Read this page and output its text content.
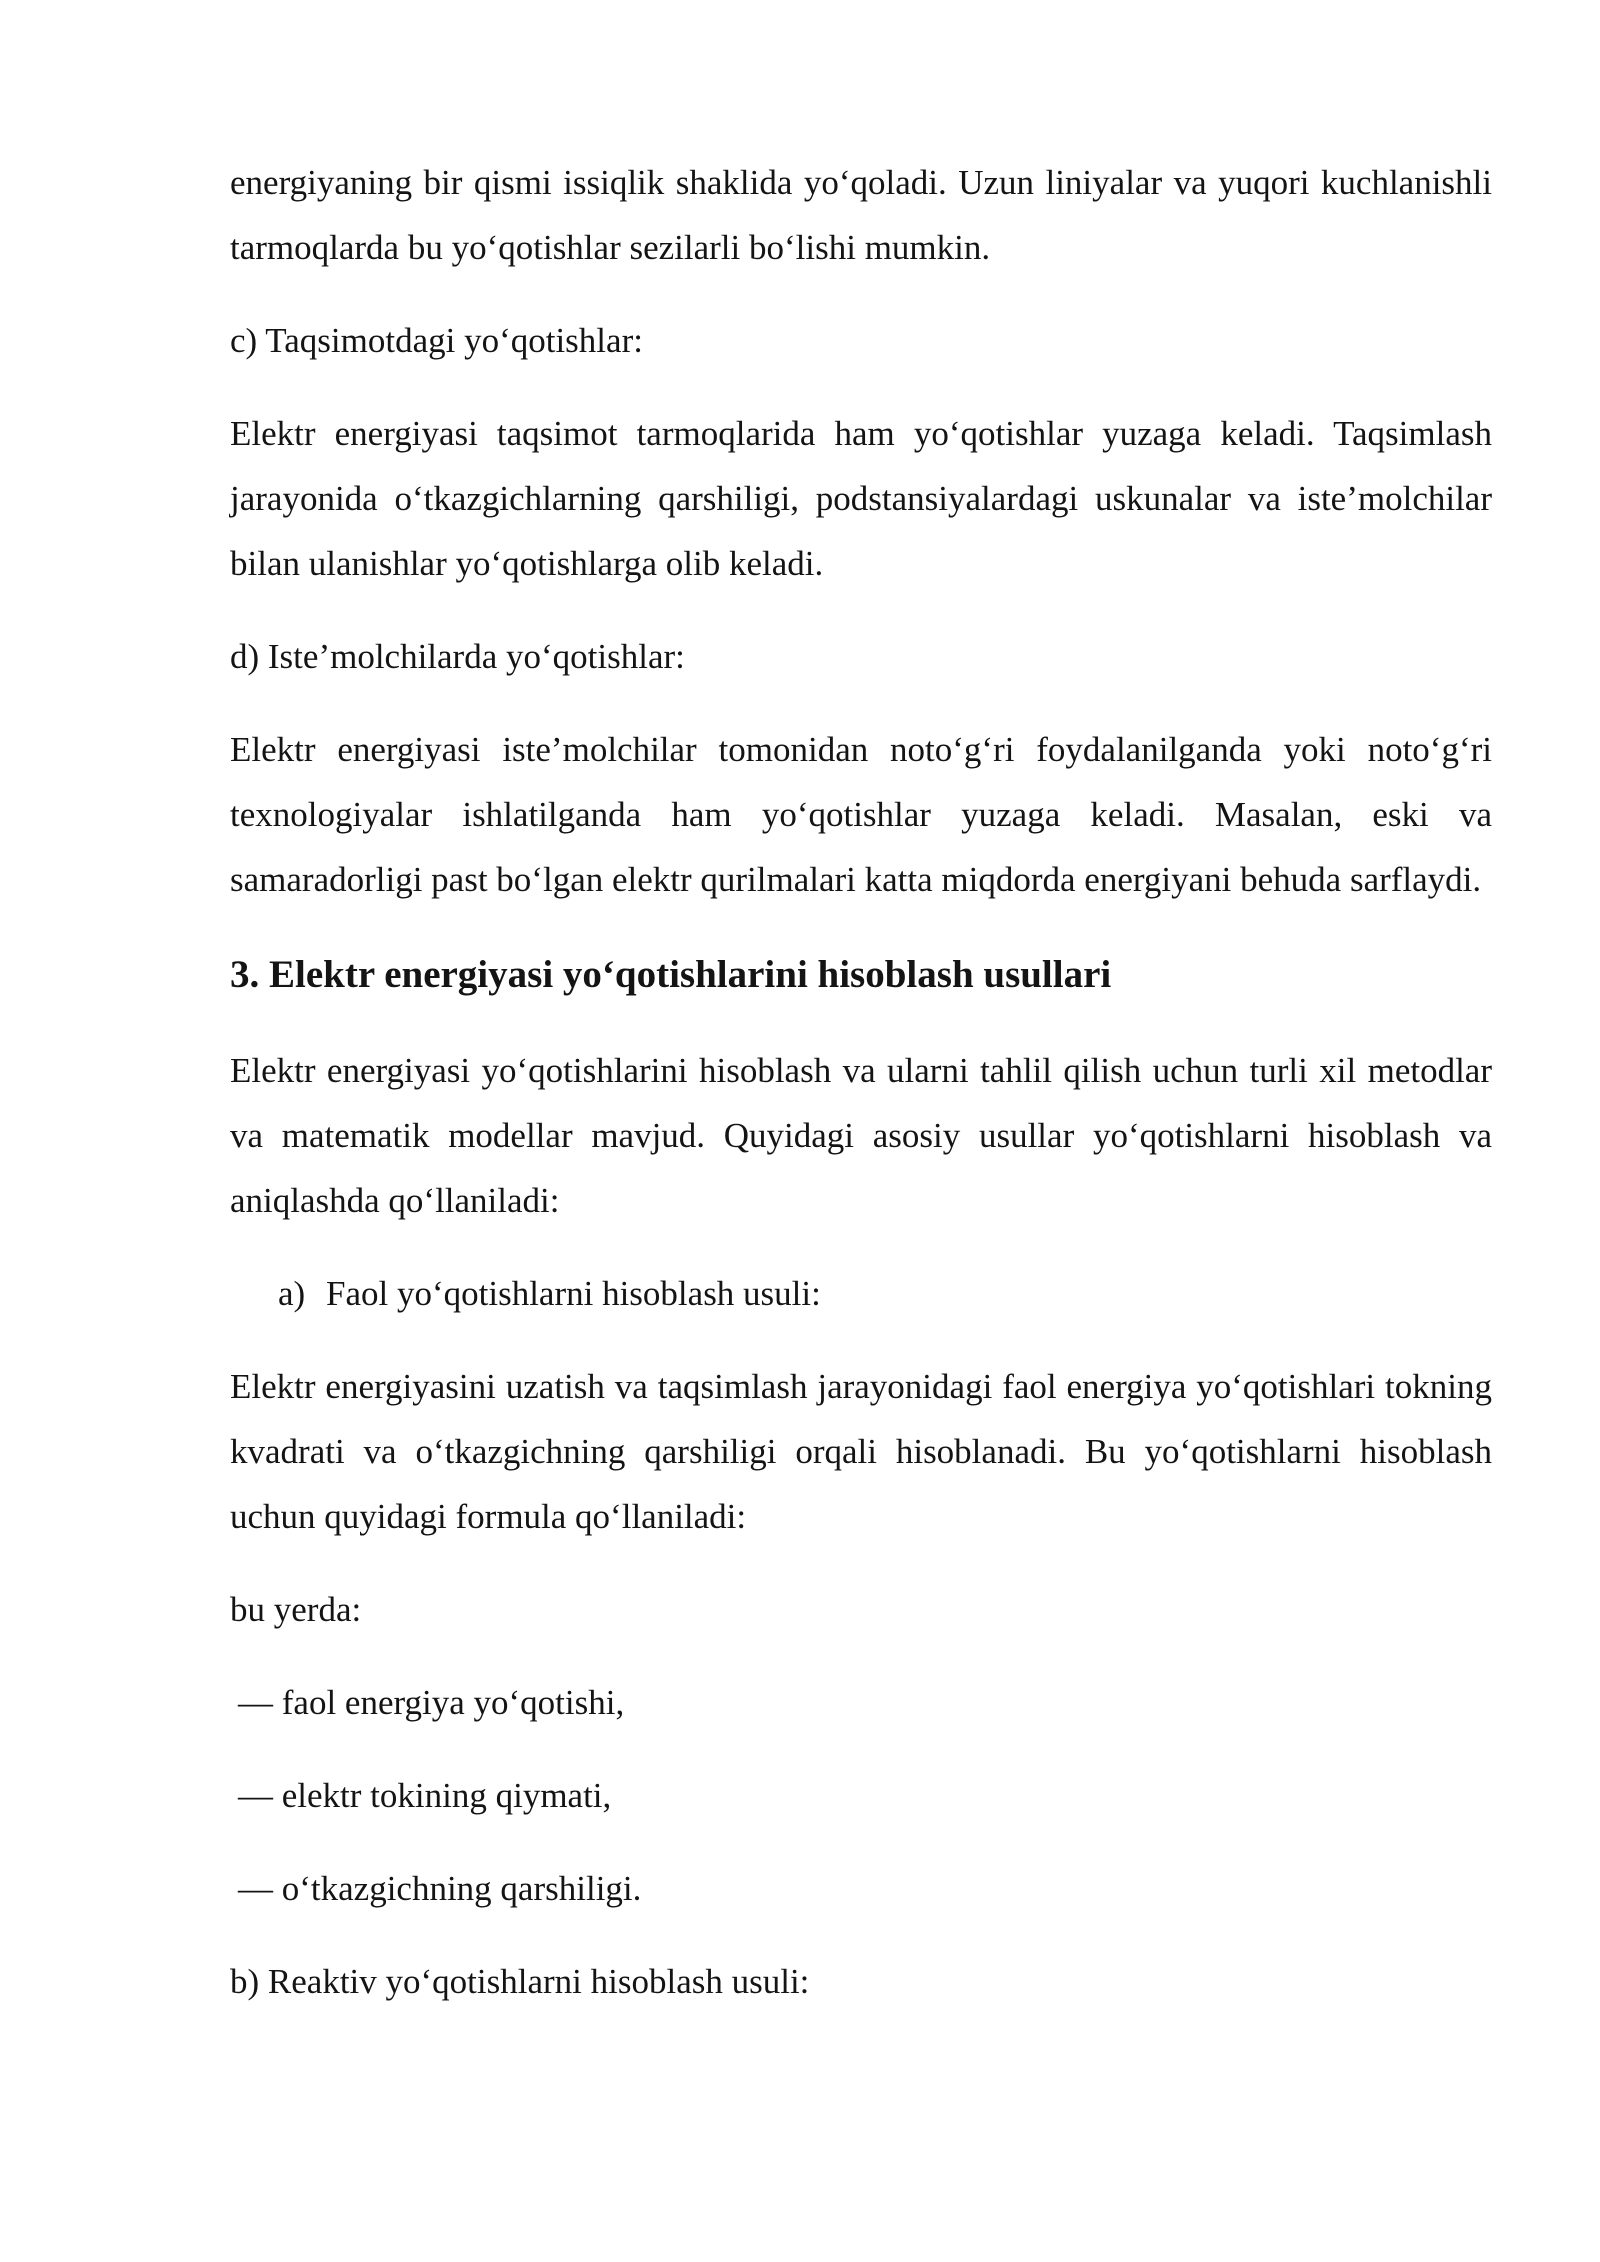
energiyaning bir qismi issiqlik shaklida yo‘qoladi. Uzun liniyalar va yuqori kuchlanishli tarmoqlarda bu yo‘qotishlar sezilarli bo‘lishi mumkin.

c) Taqsimotdagi yo‘qotishlar:

Elektr energiyasi taqsimot tarmoqlarida ham yo‘qotishlar yuzaga keladi. Taqsimlash jarayonida o‘tkazgichlarning qarshiligi, podstansiyalardagi uskunalar va iste’molchilar bilan ulanishlar yo‘qotishlarga olib keladi.

d) Iste’molchilarda yo‘qotishlar:

Elektr energiyasi iste’molchilar tomonidan noto‘g‘ri foydalanilganda yoki noto‘g‘ri texnologiyalar ishlatilganda ham yo‘qotishlar yuzaga keladi. Masalan, eski va samaradorligi past bo‘lgan elektr qurilmalari katta miqdorda energiyani behuda sarflaydi.

3. Elektr energiyasi yo‘qotishlarini hisoblash usullari

Elektr energiyasi yo‘qotishlarini hisoblash va ularni tahlil qilish uchun turli xil metodlar va matematik modellar mavjud. Quyidagi asosiy usullar yo‘qotishlarni hisoblash va aniqlashda qo‘llaniladi:

a) Faol yo‘qotishlarni hisoblash usuli:

Elektr energiyasini uzatish va taqsimlash jarayonidagi faol energiya yo‘qotishlari tokning kvadrati va o‘tkazgichning qarshiligi orqali hisoblanadi. Bu yo‘qotishlarni hisoblash uchun quyidagi formula qo‘llaniladi:

bu yerda:

— faol energiya yo‘qotishi,

— elektr tokining qiymati,

— o‘tkazgichning qarshiligi.

b) Reaktiv yo‘qotishlarni hisoblash usuli:
